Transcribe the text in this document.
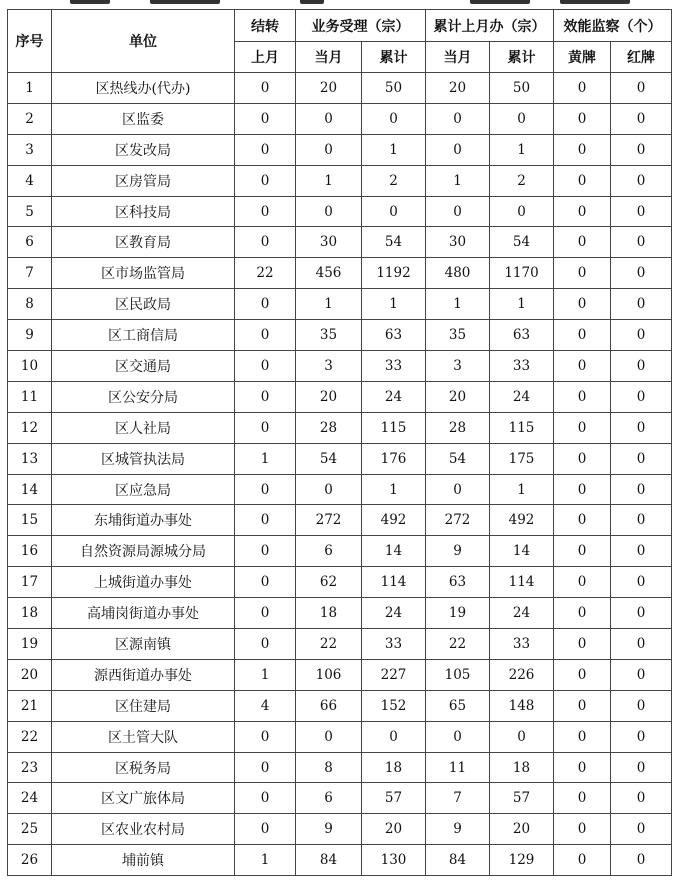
序号	单位	结转	业务受理（宗）		累计上月办（宗）		效能监察（个）	
		上月	当月	累计	当月	累计	黄牌	红牌
1	区热线办(代办)	0	20	50	20	50	0	0
2	区监委	0	0	0	0	0	0	0
3	区发改局	0	0	1	0	1	0	0
4	区房管局	0	1	2	1	2	0	0
5	区科技局	0	0	0	0	0	0	0
6	区教育局	0	30	54	30	54	0	0
7	区市场监管局	22	456	1192	480	1170	0	0
8	区民政局	0	1	1	1	1	0	0
9	区工商信局	0	35	63	35	63	0	0
10	区交通局	0	3	33	3	33	0	0
11	区公安分局	0	20	24	20	24	0	0
12	区人社局	0	28	115	28	115	0	0
13	区城管执法局	1	54	176	54	175	0	0
14	区应急局	0	0	1	0	1	0	0
15	东埔街道办事处	0	272	492	272	492	0	0
16	自然资源局源城分局	0	6	14	9	14	0	0
17	上城街道办事处	0	62	114	63	114	0	0
18	高埔岗街道办事处	0	18	24	19	24	0	0
19	区源南镇	0	22	33	22	33	0	0
20	源西街道办事处	1	106	227	105	226	0	0
21	区住建局	4	66	152	65	148	0	0
22	区土管大队	0	0	0	0	0	0	0
23	区税务局	0	8	18	11	18	0	0
24	区文广旅体局	0	6	57	7	57	0	0
25	区农业农村局	0	9	20	9	20	0	0
26	埔前镇	1	84	130	84	129	0	0
